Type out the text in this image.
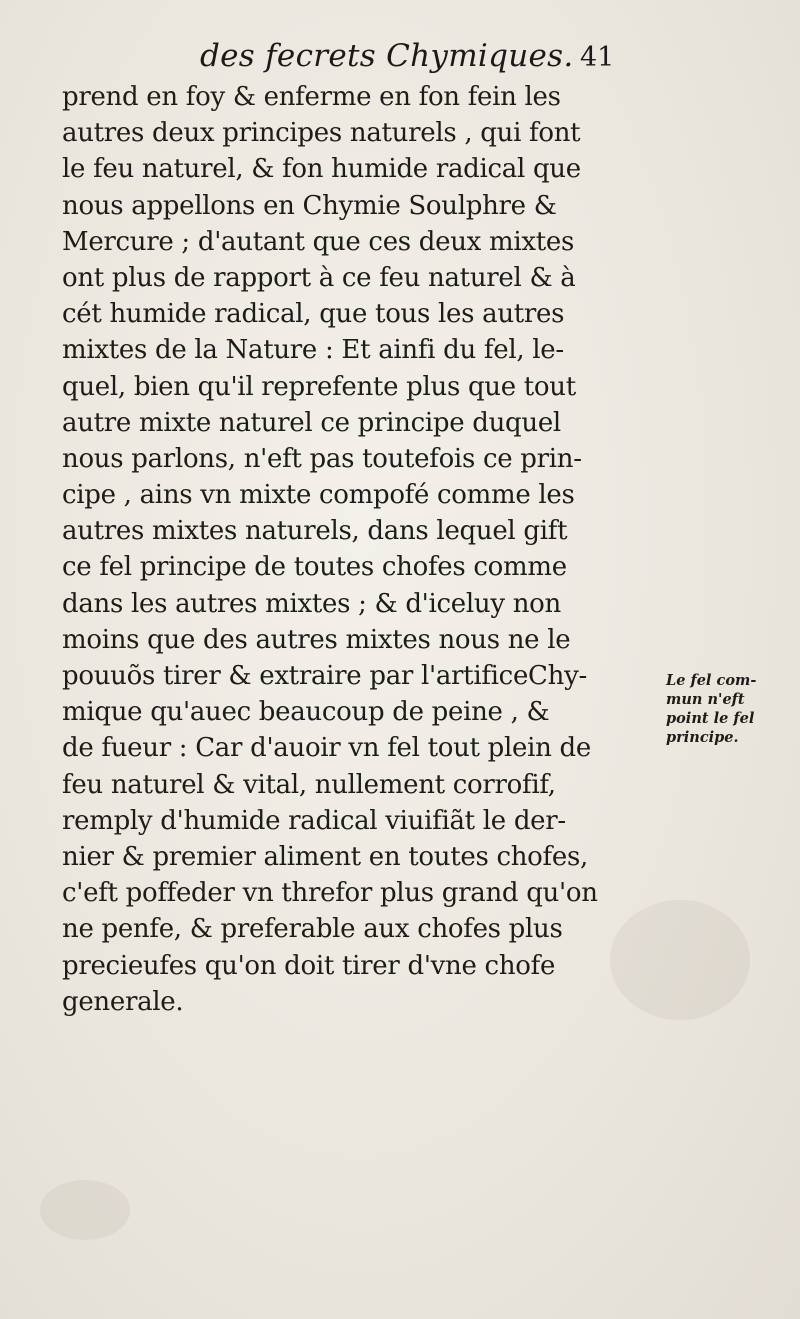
des fecrets Chymiques. 41
prend en foy & enferme en fon fein les
autres deux principes naturels , qui font
le feu naturel, & fon humide radical que
nous appellons en Chymie Soulphre &
Mercure ; d'autant que ces deux mixtes
ont plus de rapport à ce feu naturel & à
cét humide radical, que tous les autres
mixtes de la Nature : Et ainfi du fel, le-
quel, bien qu'il reprefente plus que tout
autre mixte naturel ce principe duquel
nous parlons, n'eft pas toutefois ce prin-
cipe , ains vn mixte compofé comme les
autres mixtes naturels, dans lequel gift
ce fel principe de toutes chofes comme
dans les autres mixtes ; & d'iceluy non
moins que des autres mixtes nous ne le
pouuõs tirer & extraire par l'artificeChy-
mique qu'auec beaucoup de peine , &
de fueur : Car d'auoir vn fel tout plein de
feu naturel & vital, nullement corrofif,
remply d'humide radical viuifiãt le der-
nier & premier aliment en toutes chofes,
c'eft poffeder vn threfor plus grand qu'on
ne penfe, & preferable aux chofes plus
precieufes qu'on doit tirer d'vne chofe
generale.
Le fel com-
mun n'eft
point le fel
principe.
